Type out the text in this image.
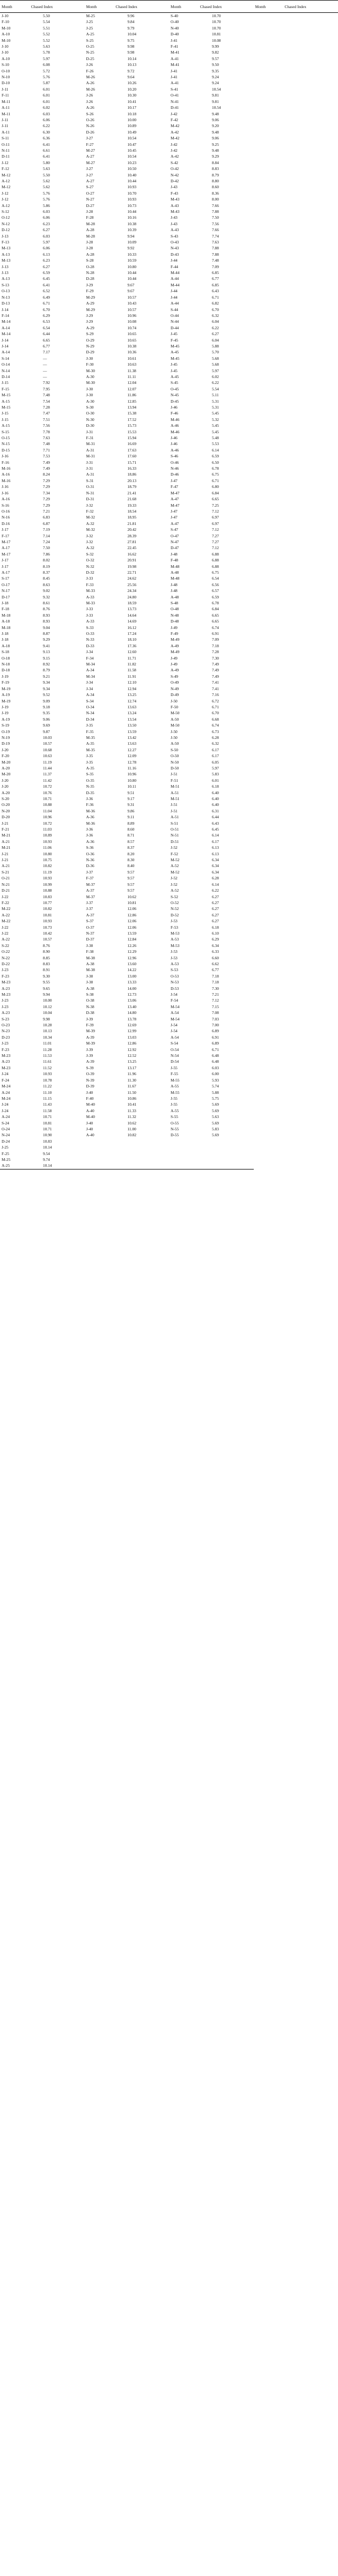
Month	Chased Index	Month	Chased Index	Month	Chased Index	Month	Chased Index
J-10	5.50	M-25	9.96	S-40	10.70		
F-10	5.54	J-25	9.84	O-40	10.70		
M-10	5.51	J-25	9.79	N-40	10.70		
A-10	5.52	A-25	10.04	D-40	10.81		
M-10	5.52	S-25	9.75	J-41	10.08		
J-10	5.63	O-25	9.98	F-41	9.99		
J-10	5.78	N-25	9.98	M-41	9.82		
A-10	5.97	D-25	10.14	A-41	9.57		
S-10	6.08	J-26	10.13	M-41	9.50		
O-10	5.72	F-26	9.72	J-41	9.35		
N-10	5.76	M-26	9.64	J-41	9.24		
D-10	5.87	A-26	10.26	A-41	9.24		
J-11	6.01	M-26	10.20	S-41	10.54		
F-11	6.01	J-26	10.30	O-41	9.81		
M-11	6.01	J-26	10.41	N-41	9.81		
A-11	6.02	A-26	10.17	D-41	10.54		
M-11	6.03	S-26	10.18	J-42	9.48		
J-11	6.06	O-26	10.00	F-42	9.06		
J-11	6.22	N-26	10.89	M-42	9.20		
A-11	6.30	D-26	10.49	A-42	9.48		
S-11	6.36	J-27	10.54	M-42	9.06		
O-11	6.41	F-27	10.47	J-42	9.25		
N-11	6.61	M-27	10.45	J-42	9.48		
D-11	6.41	A-27	10.54	A-42	9.29		
J-12	5.80	M-27	10.23	S-42	8.84		
F-12	5.63	J-27	10.50	O-42	8.83		
M-12	5.50	J-27	10.40	N-42	8.79		
A-12	5.62	A-27	10.44	D-42	8.80		
M-12	5.62	S-27	10.93	J-43	8.60		
J-12	5.76	O-27	10.70	F-43	8.36		
J-12	5.76	N-27	10.93	M-43	8.00		
A-12	5.86	D-27	10.73	A-43	7.66		
S-12	6.03	J-28	10.44	M-43	7.88		
O-12	6.06	F-28	10.16	J-43	7.50		
N-12	6.23	M-28	10.38	J-43	7.56		
D-12	6.27	A-28	10.39	A-43	7.66		
J-13	6.03	M-28	9.94	S-43	7.74		
F-13	5.97	J-28	10.09	O-43	7.63		
M-13	6.06	J-28	9.92	N-43	7.88		
A-13	6.13	A-28	10.33	D-43	7.88		
M-13	6.23	S-28	10.59	J-44	7.48		
J-13	6.27	O-28	10.80	F-44	7.09		
J-13	6.59	N-28	10.44	M-44	6.85		
A-13	6.45	D-28	10.44	A-44	6.77		
S-13	6.41	J-29	9.67	M-44	6.85		
O-13	6.52	F-29	9.67	J-44	6.43		
N-13	6.49	M-29	10.57	J-44	6.71		
D-13	6.71	A-29	10.43	A-44	6.82		
J-14	6.70	M-29	10.57	S-44	6.70		
F-14	6.29	J-29	10.96	O-44	6.32		
M-14	6.53	J-29	10.08	N-44	6.04		
A-14	6.54	A-29	10.74	D-44	6.22		
M-14	6.44	S-29	10.65	J-45	6.27		
J-14	6.65	O-29	10.65	F-45	6.04		
J-14	6.77	N-29	10.38	M-45	5.88		
A-14	7.17	D-29	10.36	A-45	5.70		
S-14	—	J-30	10.61	M-45	5.68		
O-14	—	F-30	10.63	J-45	5.68		
N-14	—	M-30	11.38	J-45	5.97		
D-14	—	A-30	11.11	A-45	6.02		
J-15	7.92	M-30	12.04	S-45	6.22		
F-15	7.95	J-30	12.07	O-45	5.54		
M-15	7.48	J-30	11.86	N-45	5.11		
A-15	7.54	A-30	12.85	D-45	5.31		
M-15	7.28	S-30	13.94	J-46	5.31		
J-15	7.47	O-30	15.38	F-46	5.45		
J-15	7.51	N-30	17.52	M-46	5.32		
A-15	7.56	D-30	15.73	A-46	5.45		
S-15	7.78	J-31	15.53	M-46	5.45		
O-15	7.63	F-31	15.94	J-46	5.48		
N-15	7.48	M-31	16.69	J-46	5.53		
D-15	7.71	A-31	17.63	A-46	6.14		
J-16	7.53	M-31	17.60	S-46	6.59		
F-16	7.49	J-31	15.71	O-46	6.50		
M-16	7.49	J-31	16.33	N-46	6.78		
A-16	8.24	A-31	18.86	D-46	6.75		
M-16	7.29	S-31	20.13	J-47	6.71		
J-16	7.29	O-31	18.79	F-47	6.80		
J-16	7.34	N-31	21.41	M-47	6.84		
A-16	7.29	D-31	21.68	A-47	6.65		
S-16	7.29	J-32	19.33	M-47	7.25		
O-16	7.21	F-32	18.54	J-47	7.12		
N-16	6.83	M-32	18.95	J-47	6.97		
D-16	6.87	A-32	21.81	A-47	6.97		
J-17	7.19	M-32	20.42	S-47	7.12		
F-17	7.14	J-32	28.39	O-47	7.27		
M-17	7.24	J-32	27.81	N-47	7.27		
A-17	7.50	A-32	22.45	D-47	7.12		
M-17	7.86	S-32	16.62	J-48	6.88		
J-17	8.02	O-32	20.91	F-48	6.88		
J-17	8.19	N-32	19.98	M-48	6.88		
A-17	8.37	D-32	22.71	A-48	6.75		
S-17	8.45	J-33	24.62	M-48	6.54		
O-17	8.63	F-33	25.56	J-48	6.56		
N-17	9.02	M-33	24.34	J-48	6.57		
D-17	9.32	A-33	24.80	A-48	6.59		
J-18	8.61	M-33	18.59	S-48	6.78		
F-18	8.76	J-33	13.73	O-48	6.84		
M-18	8.93	J-33	14.64	N-48	6.65		
A-18	8.93	A-33	14.69	D-48	6.65		
M-18	9.04	S-33	16.12	J-49	6.74		
J-18	8.87	O-33	17.24	F-49	6.91		
J-18	9.29	N-33	18.10	M-49	7.09		
A-18	9.41	D-33	17.36	A-49	7.18		
S-18	9.13	J-34	12.60	M-49	7.28		
O-18	9.15	F-34	11.71	J-49	7.30		
N-18	8.92	M-34	11.82	J-49	7.49		
D-18	8.79	A-34	11.58	A-49	7.49		
J-19	9.21	M-34	11.91	S-49	7.49		
F-19	9.34	J-34	12.10	O-49	7.41		
M-19	9.34	J-34	12.94	N-49	7.41		
A-19	9.52	A-34	13.25	D-49	7.16		
M-19	9.09	S-34	12.74	J-50	6.72		
J-19	9.18	O-34	13.63	F-50	6.71		
J-19	9.35	N-34	13.24	M-50	6.70		
A-19	9.06	D-34	13.54	A-50	6.68		
S-19	9.69	J-35	13.50	M-50	6.74		
O-19	9.87	F-35	13.59	J-50	6.73		
N-19	10.03	M-35	13.42	J-50	6.28		
D-19	10.57	A-35	13.63	A-50	6.32		
J-20	10.68	M-35	12.27	S-50	6.17		
F-20	10.63	J-35	12.09	O-50	6.17		
M-20	11.19	J-35	12.78	N-50	6.05		
A-20	11.44	A-35	11.16	D-50	5.97		
M-20	11.37	S-35	10.96	J-51	5.83		
J-20	11.42	O-35	10.80	F-51	6.01		
J-20	10.72	N-35	10.11	M-51	6.18		
A-20	10.76	D-35	9.51	A-51	6.40		
S-20	10.71	J-36	9.17	M-51	6.40		
O-20	10.88	F-36	9.31	J-51	6.40		
N-20	11.04	M-36	9.86	J-51	6.31		
D-20	10.96	A-36	9.11	A-51	6.44		
J-21	10.72	M-36	8.89	S-51	6.43		
F-21	11.03	J-36	8.60	O-51	6.45		
M-21	10.89	J-36	8.71	N-51	6.14		
A-21	10.93	A-36	8.57	D-51	6.17		
M-21	11.06	S-36	8.37	J-52	6.13		
J-21	10.80	O-36	8.20	F-52	6.13		
J-21	10.75	N-36	8.30	M-52	6.34		
A-21	10.82	D-36	8.40	A-52	6.34		
S-21	11.19	J-37	9.57	M-52	6.34		
O-21	10.93	F-37	9.57	J-52	6.28		
N-21	10.99	M-37	9.57	J-52	6.14		
D-21	10.88	A-37	9.57	A-52	6.22		
J-22	10.83	M-37	10.62	S-52	6.27		
F-22	10.77	J-37	10.81	O-52	6.27		
M-22	10.82	J-37	12.06	N-52	6.27		
A-22	10.81	A-37	12.86	D-52	6.27		
M-22	10.93	S-37	12.06	J-53	6.27		
J-22	10.73	O-37	12.06	F-53	6.18		
J-22	10.42	N-37	13.59	M-53	6.10		
A-22	10.57	D-37	12.84	A-53	6.29		
S-22	8.76	J-38	12.26	M-53	6.34		
O-22	8.90	F-38	12.29	J-53	6.33		
N-22	8.85	M-38	12.96	J-53	6.60		
D-22	8.83	A-38	13.60	A-53	6.62		
J-23	8.91	M-38	14.22	S-53	6.77		
F-23	9.30	J-38	13.00	O-53	7.18		
M-23	9.55	J-38	13.33	N-53	7.18		
A-23	9.65	A-38	14.00	D-53	7.30		
M-23	9.94	S-38	12.73	J-54	7.21		
J-23	10.00	O-38	13.06	F-54	7.12		
J-23	10.12	N-38	13.40	M-54	7.15		
A-23	10.04	D-38	14.80	A-54	7.08		
S-23	9.98	J-39	13.78	M-54	7.03		
O-23	10.28	F-39	12.69	J-54	7.00		
N-23	10.13	M-39	12.99	J-54	6.89		
D-23	10.34	A-39	13.03	A-54	6.91		
J-23	11.01	M-39	12.86	S-54	6.89		
F-23	11.28	J-39	12.92	O-54	6.71		
M-23	11.53	J-39	12.52	N-54	6.48		
A-23	11.61	A-39	13.25	D-54	6.48		
M-23	11.52	S-39	13.17	J-55	6.03		
J-24	10.93	O-39	11.96	F-55	6.00		
F-24	10.78	N-39	11.30	M-55	5.93		
M-24	11.22	D-39	11.67	A-55	5.74		
A-24	11.10	J-40	11.50	M-55	5.88		
M-24	11.15	F-40	10.86	J-55	5.75		
J-24	11.43	M-40	10.41	J-55	5.69		
J-24	11.58	A-40	11.33	A-55	5.69		
A-24	10.71	M-40	11.32	S-55	5.63		
S-24	10.81	J-40	10.62	O-55	5.69		
O-24	10.71	J-40	11.00	N-55	5.83		
N-24	10.90	A-40	10.82	D-55	5.69		
D-24	10.83						
J-25	10.14						
F-25	9.54						
M-25	9.74						
A-25	10.14						
